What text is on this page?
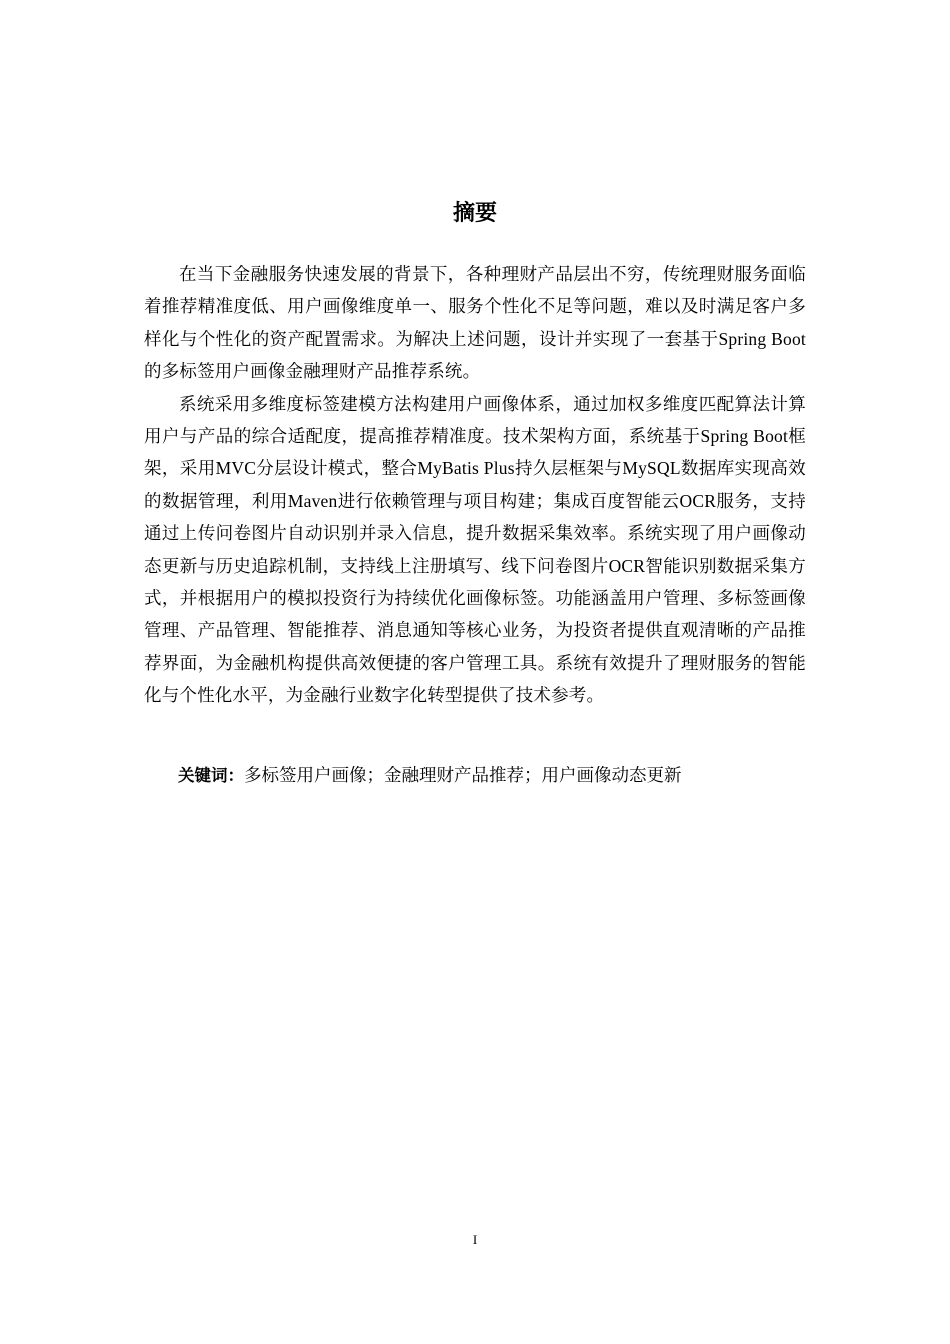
摘要

在当下金融服务快速发展的背景下，各种理财产品层出不穷，传统理财服务面临着推荐精准度低、用户画像维度单一、服务个性化不足等问题，难以及时满足客户多样化与个性化的资产配置需求。为解决上述问题，设计并实现了一套基于Spring Boot的多标签用户画像金融理财产品推荐系统。

系统采用多维度标签建模方法构建用户画像体系，通过加权多维度匹配算法计算用户与产品的综合适配度，提高推荐精准度。技术架构方面，系统基于Spring Boot框架，采用MVC分层设计模式，整合MyBatis Plus持久层框架与MySQL数据库实现高效的数据管理，利用Maven进行依赖管理与项目构建；集成百度智能云OCR服务，支持通过上传问卷图片自动识别并录入信息，提升数据采集效率。系统实现了用户画像动态更新与历史追踪机制，支持线上注册填写、线下问卷图片OCR智能识别数据采集方式，并根据用户的模拟投资行为持续优化画像标签。功能涵盖用户管理、多标签画像管理、产品管理、智能推荐、消息通知等核心业务，为投资者提供直观清晰的产品推荐界面，为金融机构提供高效便捷的客户管理工具。系统有效提升了理财服务的智能化与个性化水平，为金融行业数字化转型提供了技术参考。

关键词：多标签用户画像；金融理财产品推荐；用户画像动态更新

I
